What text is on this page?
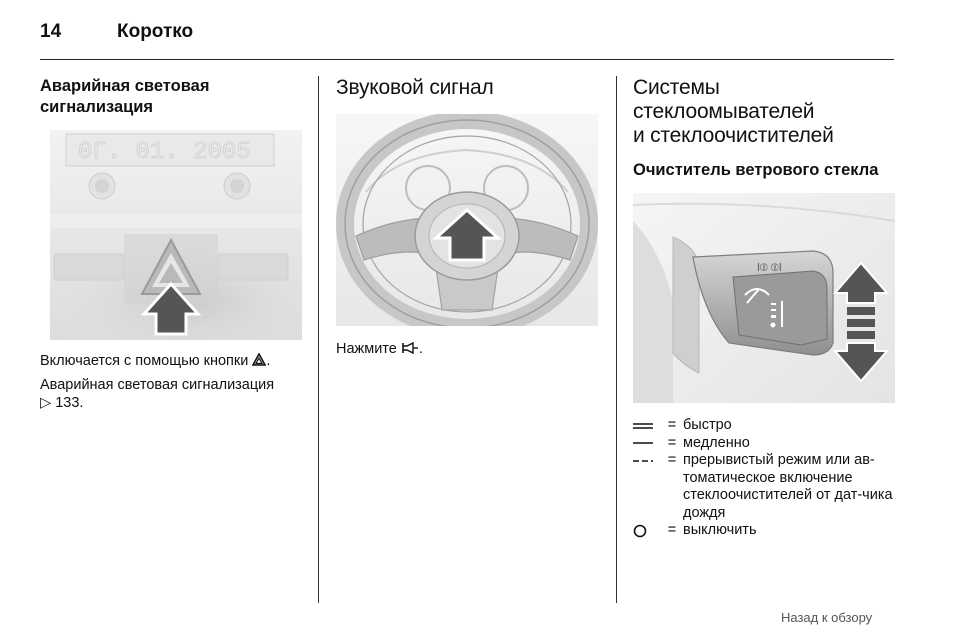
14	Коротко
Аварийная световая сигнализация
0Г. 01. 2005
Включается с помощью кнопки .
Аварийная световая сигнализация
▷ 133.
Звуковой сигнал
Нажмите .
Системы
стеклоомывателей
и стеклоочистителей
Очиститель ветрового стекла
ǀ⦶ ⦶ǀ
= быстро
= медленно
= прерывистый режим или ав-томатическое включение стеклоочистителей от дат-чика дождя
= выключить
Назад к обзору
